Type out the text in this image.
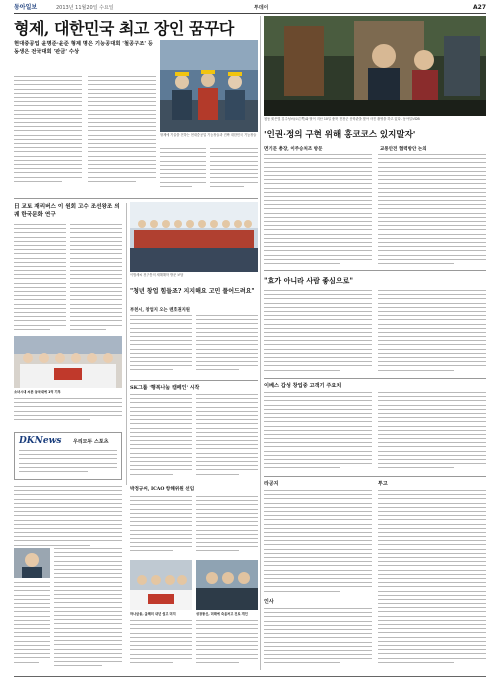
동아일보	2013년 11월20일 수요일	투데이	A27
형제, 대한민국 최고 장인 꿈꾸다
현대중공업 윤명준·윤준 형제 명은 기능공대회 '철공구조' 등 동생은 전국대회 '판금' 수상
형제에 기술을 전하는 현대중공업 기능장들과 진짜 대한민국 기능장들
청동 붉은빛 김주성씨(오른쪽)와 딸이 지난 10일 충북 진천군 문학관을 찾아 사진 촬영을 하고 있다. 동아일보DB
'인권·정의 구현 위해 홍코코스 있지말자'
면기문 총장, 이주승처조 방문	교통안전 협력방안 논의
日 교토 재리버스 이 원회 고수 조선왕조 의궤 한국문화 연구
이범세씨 천구통의 새해해학 방문 보답
"청년 창업 힘들죠? 지지해요 고민 풀어드려요"
부천시, 창업지 오는 덴호권지원
"효가 아니라 사람 좋심으로"
이베스 갑성 창업중 고객기 주요치
소녀시대 씨폰 동국대에 1억 기부
DKNews 우리모두 스포츠
SK그룹 '행복나눔 캠페인' 시작
박정규씨, ICAO 항해위원 선임
하나금융, 올해의 내년 설고 미지	성장통신, 미래에 죽음처고 진료 개인
라공지	투고
인사
